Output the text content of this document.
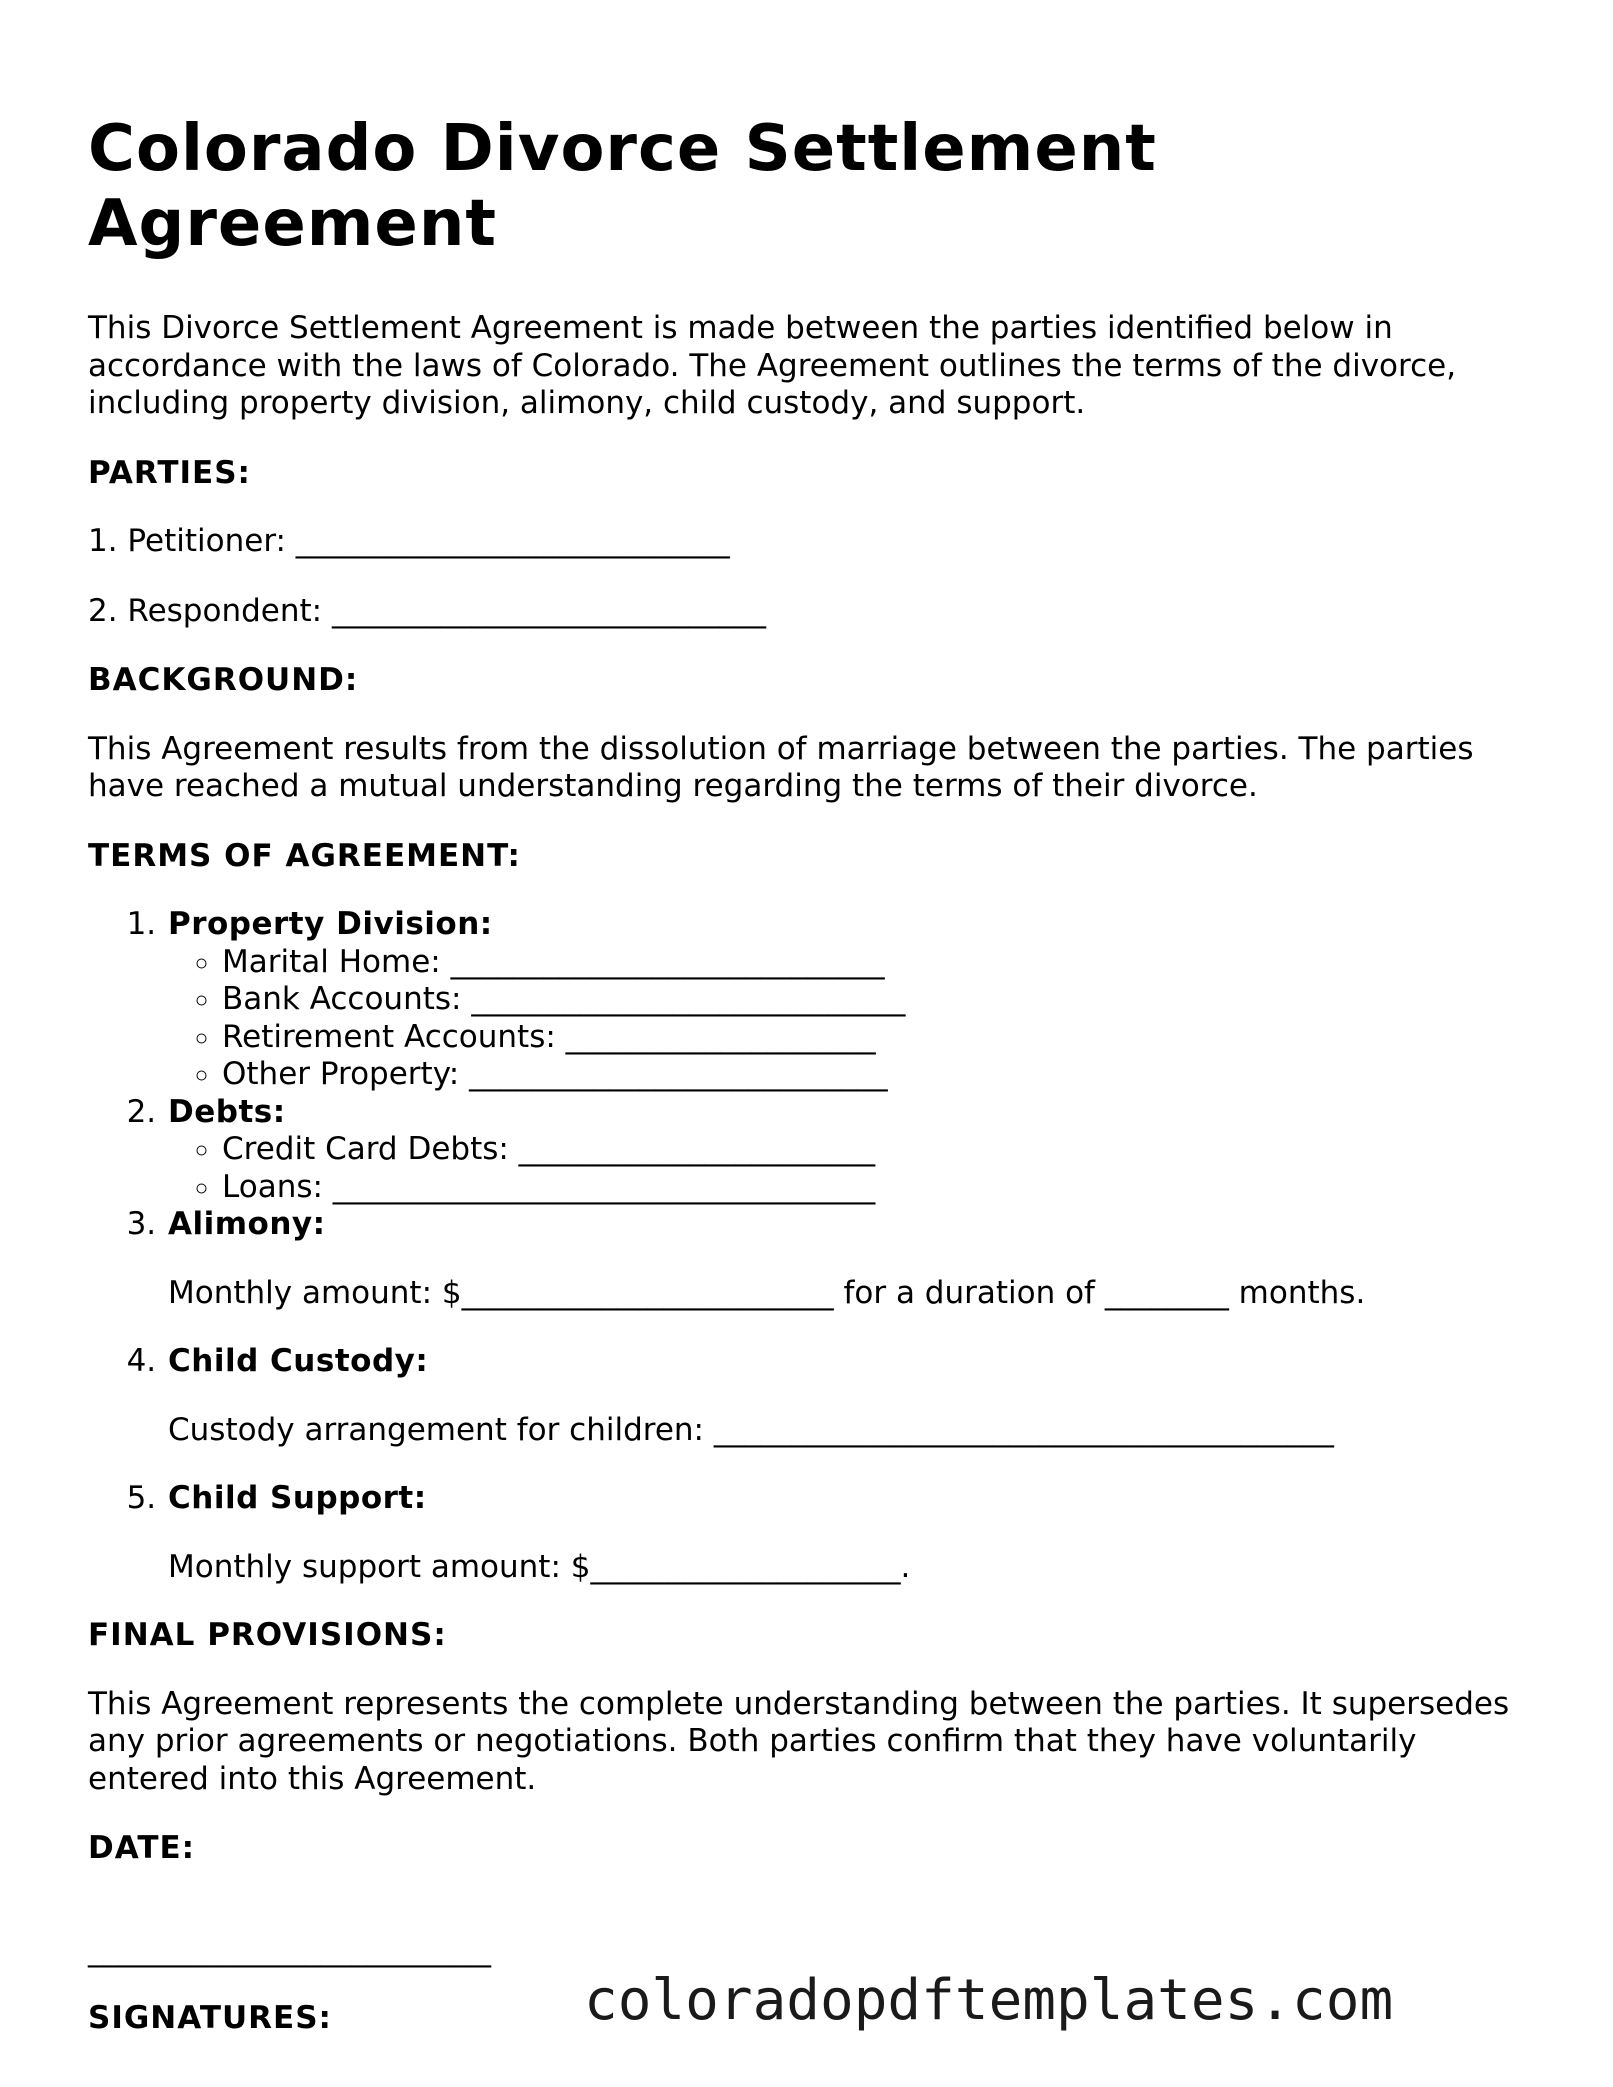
Colorado Divorce Settlement Agreement

This Divorce Settlement Agreement is made between the parties identified below in accordance with the laws of Colorado. The Agreement outlines the terms of the divorce, including property division, alimony, child custody, and support.

PARTIES:

1. Petitioner: ____________________________

2. Respondent: ____________________________

BACKGROUND:

This Agreement results from the dissolution of marriage between the parties. The parties have reached a mutual understanding regarding the terms of their divorce.

TERMS OF AGREEMENT:

1. Property Division:
◦ Marital Home: ____________________________
◦ Bank Accounts: ____________________________
◦ Retirement Accounts: ____________________
◦ Other Property: ___________________________
2. Debts:
◦ Credit Card Debts: _______________________
◦ Loans: ___________________________________
3. Alimony:

Monthly amount: $________________________ for a duration of ________ months.

4. Child Custody:

Custody arrangement for children: ________________________________________

5. Child Support:

Monthly support amount: $____________________.

FINAL PROVISIONS:

This Agreement represents the complete understanding between the parties. It supersedes any prior agreements or negotiations. Both parties confirm that they have voluntarily entered into this Agreement.

DATE:

__________________________
SIGNATURES:	coloradopdftemplates.com
